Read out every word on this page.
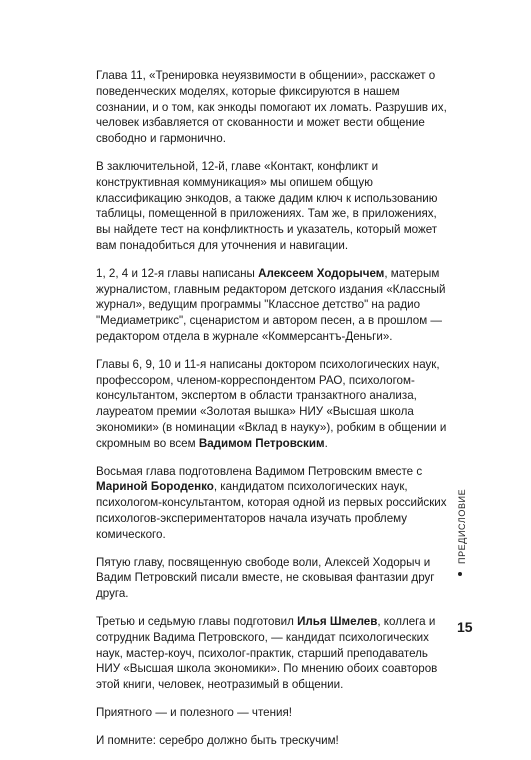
Глава 11, «Тренировка неуязвимости в общении», расскажет о поведенческих моделях, которые фиксируются в нашем сознании, и о том, как энкоды помогают их ломать. Разрушив их, человек избавляется от скованности и может вести общение свободно и гармонично.

В заключительной, 12-й, главе «Контакт, конфликт и конструктивная коммуникация» мы опишем общую классификацию энкодов, а также дадим ключ к использованию таблицы, помещенной в приложениях. Там же, в приложениях, вы найдете тест на конфликтность и указатель, который может вам понадобиться для уточнения и навигации.

1, 2, 4 и 12-я главы написаны Алексеем Ходорычем, матерым журналистом, главным редактором детского издания «Классный журнал», ведущим программы "Классное детство" на радио "Медиаметрикс", сценаристом и автором песен, а в прошлом — редактором отдела в журнале «Коммерсантъ-Деньги».

Главы 6, 9, 10 и 11-я написаны доктором психологических наук, профессором, членом-корреспондентом РАО, психологом-консультантом, экспертом в области транзактного анализа, лауреатом премии «Золотая вышка» НИУ «Высшая школа экономики» (в номинации «Вклад в науку»), робким в общении и скромным во всем Вадимом Петровским.

Восьмая глава подготовлена Вадимом Петровским вместе с Мариной Бороденко, кандидатом психологических наук, психологом-консультантом, которая одной из первых российских психологов-экспериментаторов начала изучать проблему комического.

Пятую главу, посвященную свободе воли, Алексей Ходорыч и Вадим Петровский писали вместе, не сковывая фантазии друг друга.

Третью и седьмую главы подготовил Илья Шмелев, коллега и сотрудник Вадима Петровского, — кандидат психологических наук, мастер-коуч, психолог-практик, старший преподаватель НИУ «Высшая школа экономики». По мнению обоих соавторов этой книги, человек, неотразимый в общении.

Приятного — и полезного — чтения!

И помните: серебро должно быть трескучим!

ПРЕДИСЛОВИЕ
15
